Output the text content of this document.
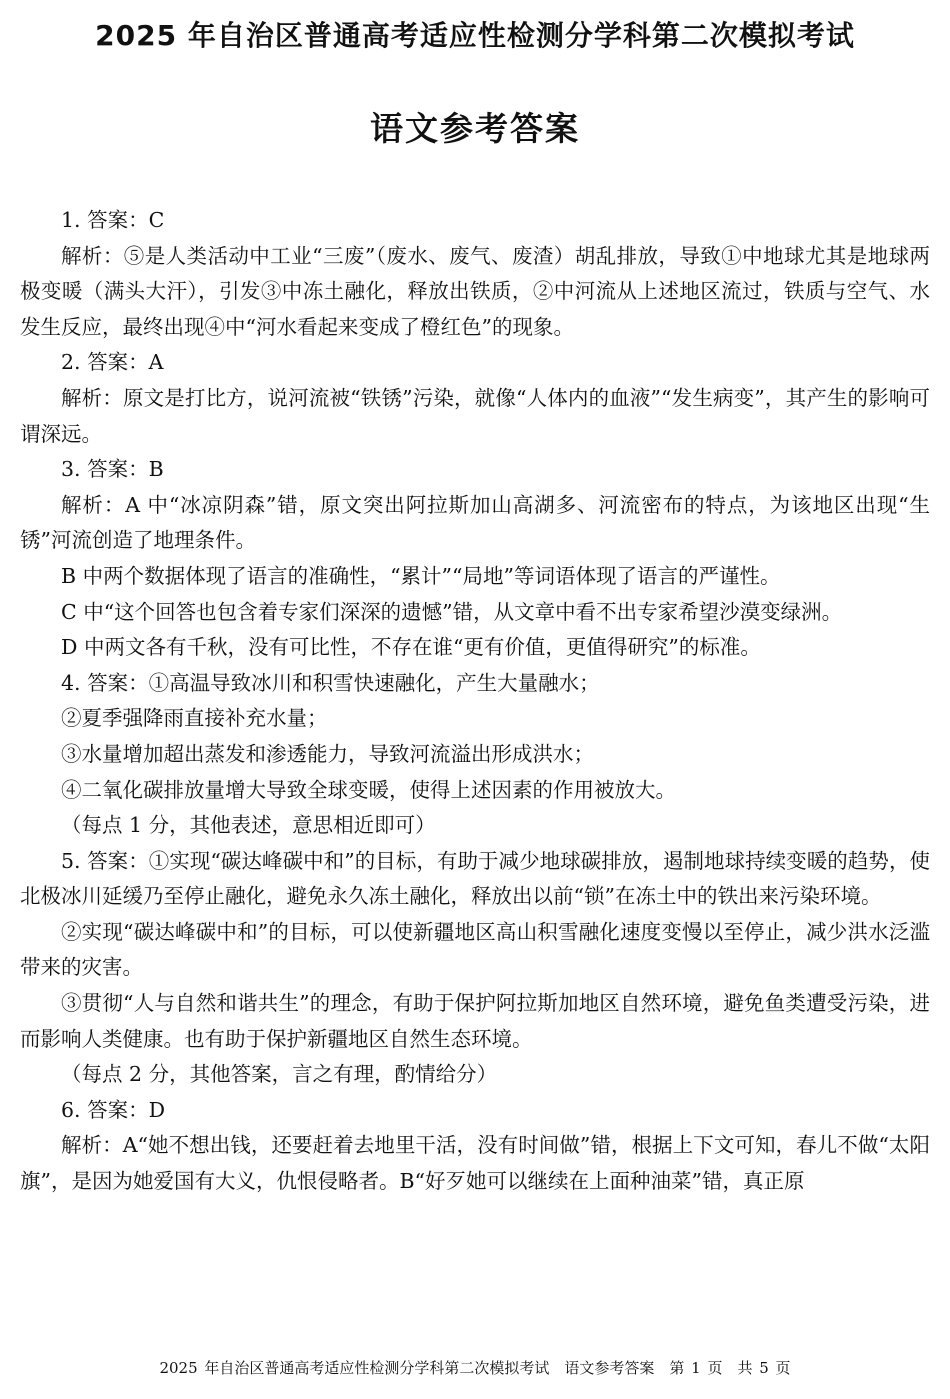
2025 年自治区普通高考适应性检测分学科第二次模拟考试
语文参考答案

1. 答案：C

解析：⑤是人类活动中工业“三废”（废水、废气、废渣）胡乱排放，导致①中地球尤其是地球两极变暖（满头大汗），引发③中冻土融化，释放出铁质，②中河流从上述地区流过，铁质与空气、水发生反应，最终出现④中“河水看起来变成了橙红色”的现象。

2. 答案：A

解析：原文是打比方，说河流被“铁锈”污染，就像“人体内的血液”“发生病变”，其产生的影响可谓深远。

3. 答案：B

解析：A 中“冰凉阴森”错，原文突出阿拉斯加山高湖多、河流密布的特点，为该地区出现“生锈”河流创造了地理条件。

B 中两个数据体现了语言的准确性，“累计”“局地”等词语体现了语言的严谨性。

C 中“这个回答也包含着专家们深深的遗憾”错，从文章中看不出专家希望沙漠变绿洲。

D 中两文各有千秋，没有可比性，不存在谁“更有价值，更值得研究”的标准。

4. 答案：①高温导致冰川和积雪快速融化，产生大量融水；

②夏季强降雨直接补充水量；

③水量增加超出蒸发和渗透能力，导致河流溢出形成洪水；

④二氧化碳排放量增大导致全球变暖，使得上述因素的作用被放大。

（每点 1 分，其他表述，意思相近即可）

5. 答案：①实现“碳达峰碳中和”的目标，有助于减少地球碳排放，遏制地球持续变暖的趋势，使北极冰川延缓乃至停止融化，避免永久冻土融化，释放出以前“锁”在冻土中的铁出来污染环境。

②实现“碳达峰碳中和”的目标，可以使新疆地区高山积雪融化速度变慢以至停止，减少洪水泛滥带来的灾害。

③贯彻“人与自然和谐共生”的理念，有助于保护阿拉斯加地区自然环境，避免鱼类遭受污染，进而影响人类健康。也有助于保护新疆地区自然生态环境。

（每点 2 分，其他答案，言之有理，酌情给分）

6. 答案：D

解析：A“她不想出钱，还要赶着去地里干活，没有时间做”错，根据上下文可知，春儿不做“太阳旗”，是因为她爱国有大义，仇恨侵略者。B“好歹她可以继续在上面种油菜”错，真正原

2025 年自治区普通高考适应性检测分学科第二次模拟考试　语文参考答案　第 1 页　共 5 页
